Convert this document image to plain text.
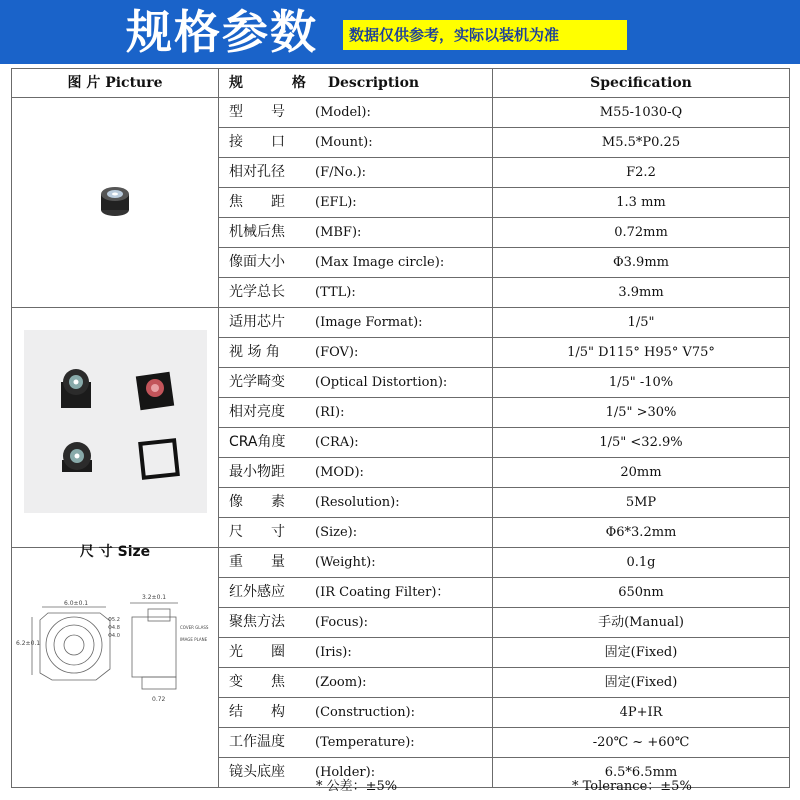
规格参数	数据仅供参考，实际以装机为准
图 片 Picture	规 格Description	Specification
	型　　号 (Model):	M55-1030-Q
	接　　口 (Mount):	M5.5*P0.25
	相对孔径 (F/No.):	F2.2
	焦　　距 (EFL):	1.3 mm
	机械后焦 (MBF):	0.72mm
	像面大小 (Max Image circle):	Φ3.9mm
	光学总长 (TTL):	3.9mm
	适用芯片 (Image Format):	1/5"
	视 场 角 (FOV):	1/5" D115° H95° V75°
	光学畸变 (Optical Distortion):	1/5" -10%
	相对亮度 (RI):	1/5" >30%
	CRA角度 (CRA):	1/5" <32.9%
	最小物距 (MOD):	20mm
	像　　素 (Resolution):	5MP
	尺　　寸 (Size):	Φ6*3.2mm
	重　　量 (Weight):	0.1g
	红外感应 (IR Coating Filter)：	650nm
	聚焦方法 (Focus):	手动(Manual)
	光　　圈 (Iris):	固定(Fixed)
	变　　焦 (Zoom):	固定(Fixed)
	结　　构 (Construction):	4P+IR
	工作温度 (Temperature):	-20℃ ~ +60℃
	镜头底座 (Holder):	6.5*6.5mm
尺 寸 Size
6.0±0.1
6.2±0.1
Φ5.2
Φ4.8
Φ4.0
3.2±0.1
COVER GLASS
IMAGE PLANE
0.72
* 公差：±5%	* Tolerance：±5%
